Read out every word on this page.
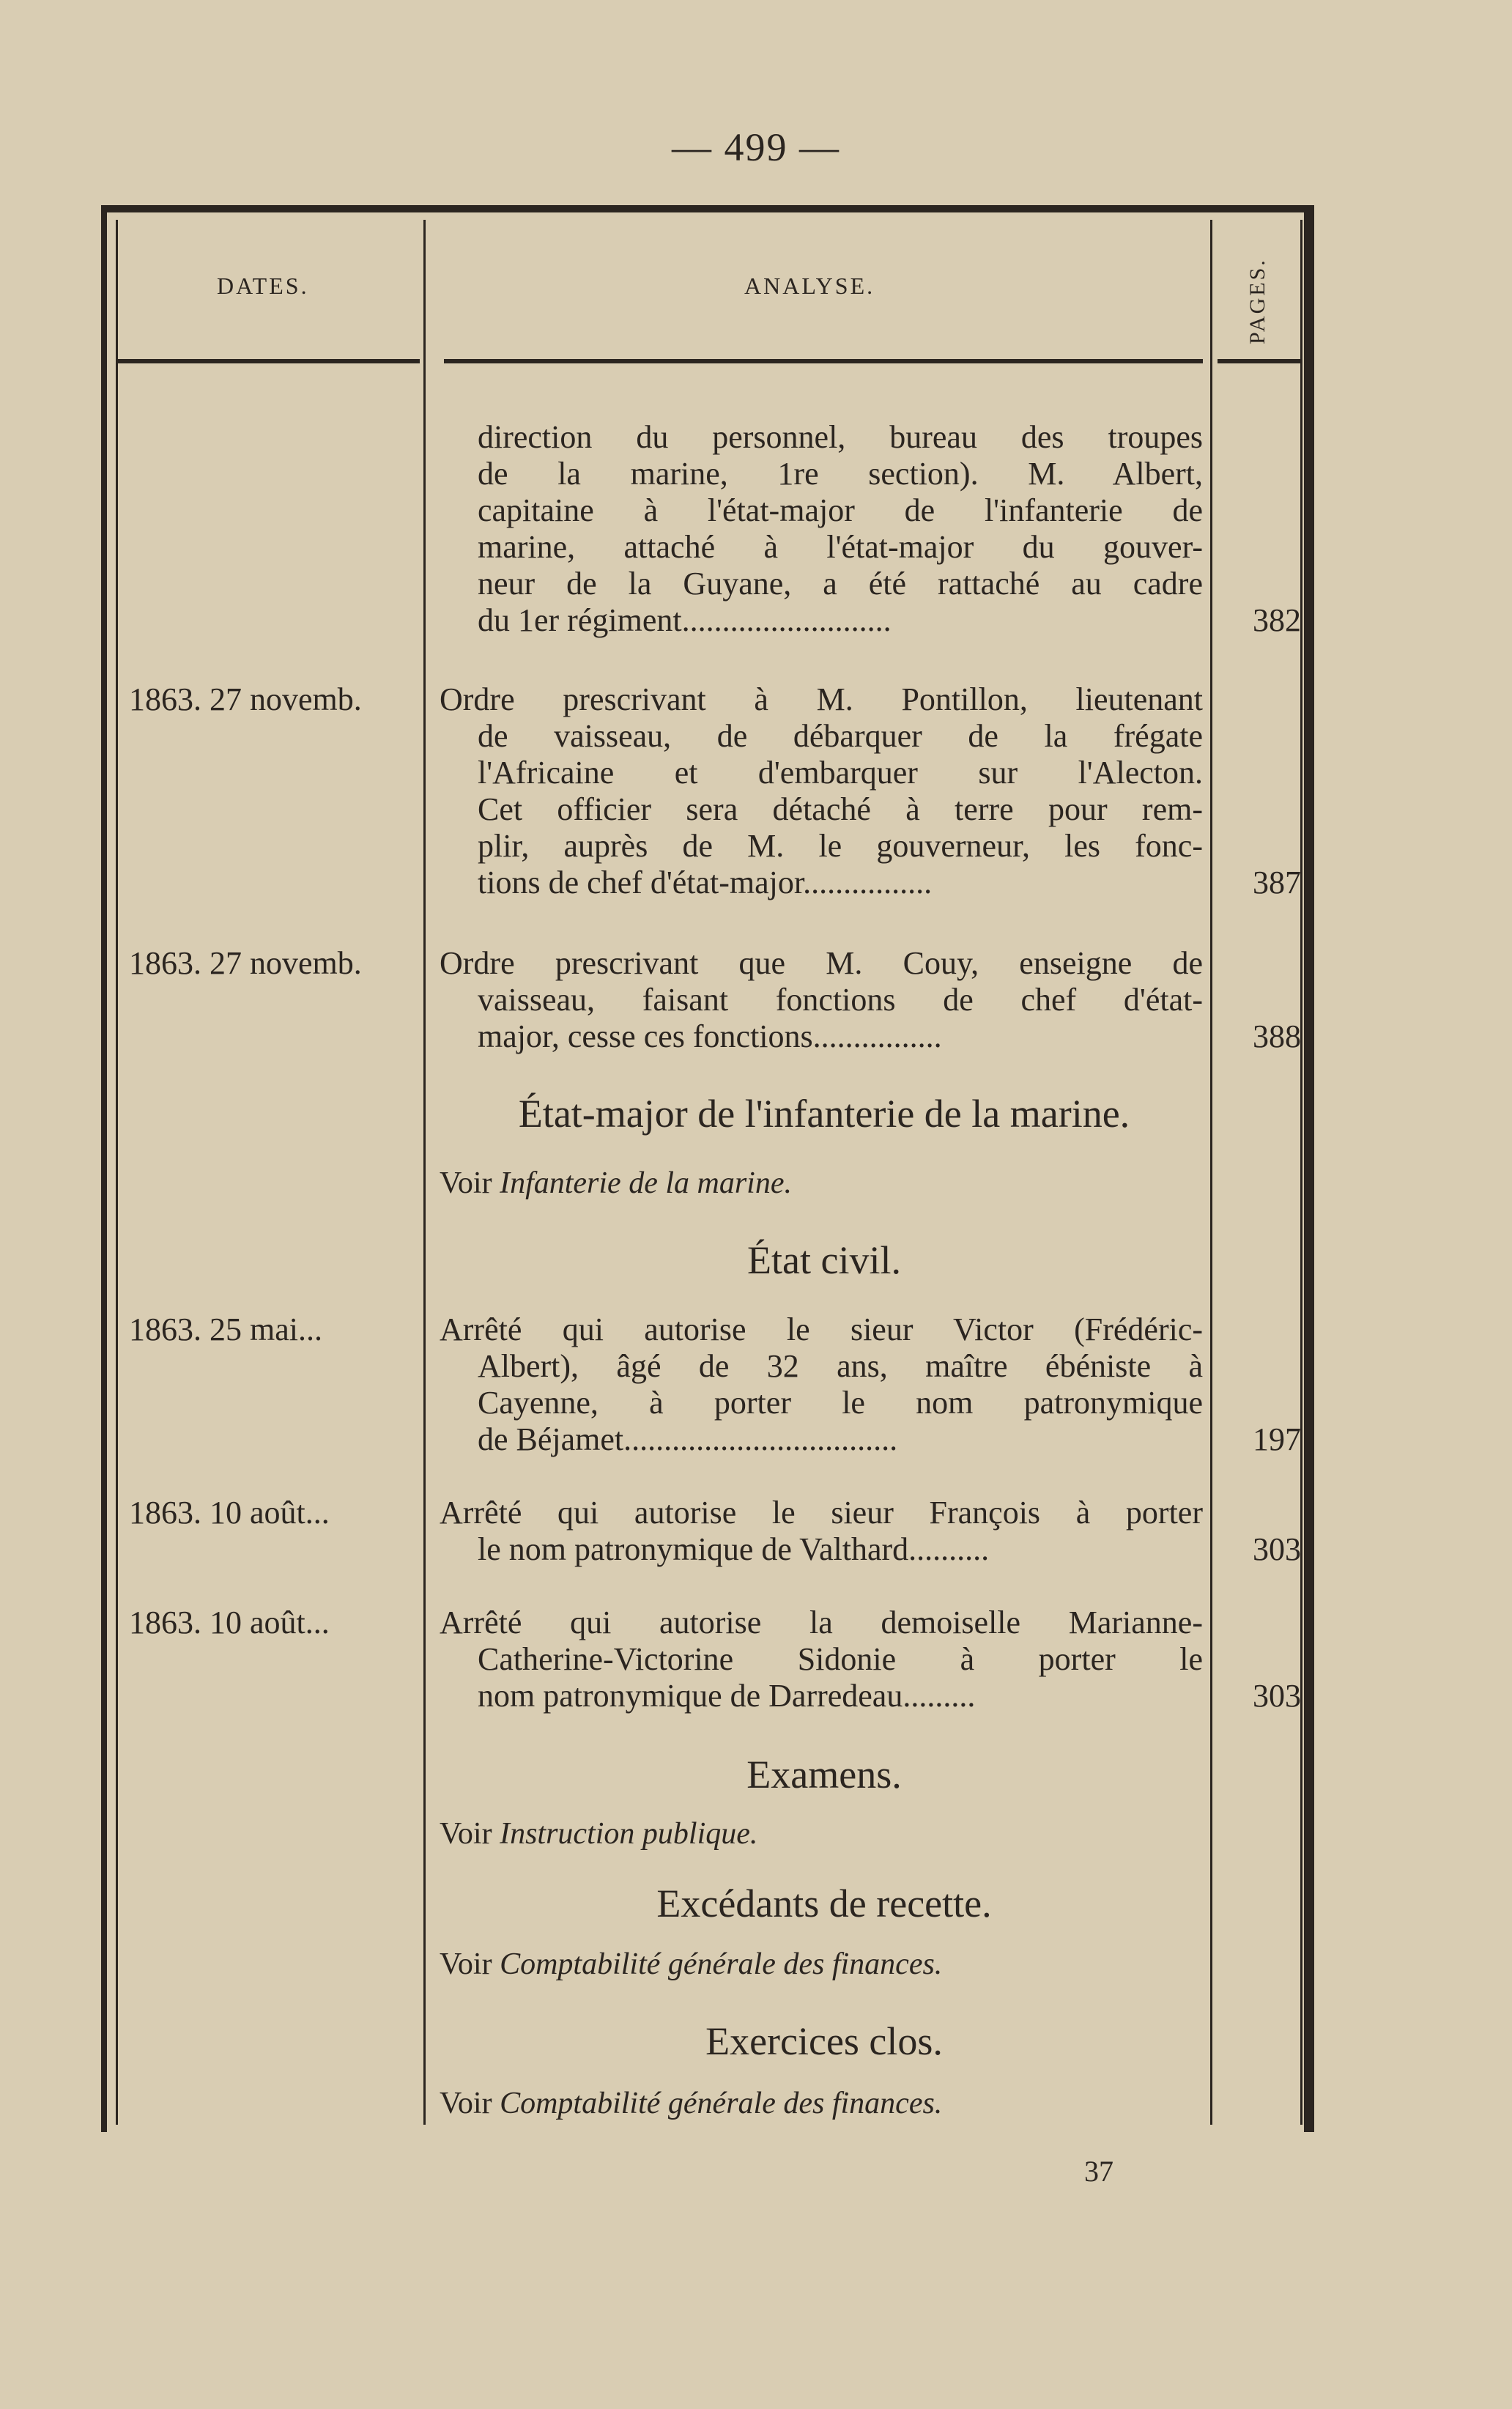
— 499 —
DATES.	ANALYSE.	PAGES.
direction du personnel, bureau des troupes
de la marine, 1re section). M. Albert,
capitaine à l'état-major de l'infanterie de
marine, attaché à l'état-major du gouver-
neur de la Guyane, a été rattaché au cadre
du 1er régiment..........................	382
1863. 27 novemb. Ordre prescrivant à M. Pontillon, lieutenant
de vaisseau, de débarquer de la frégate
l'Africaine et d'embarquer sur l'Alecton.
Cet officier sera détaché à terre pour rem-
plir, auprès de M. le gouverneur, les fonc-
tions de chef d'état-major................	387
1863. 27 novemb. Ordre prescrivant que M. Couy, enseigne de
vaisseau, faisant fonctions de chef d'état-
major, cesse ces fonctions................	388
État-major de l'infanterie de la marine.
Voir Infanterie de la marine.
État civil.
1863. 25 mai...	Arrêté qui autorise le sieur Victor (Frédéric-
Albert), âgé de 32 ans, maître ébéniste à
Cayenne, à porter le nom patronymique
de Béjamet..................................	197
1863. 10 août...	Arrêté qui autorise le sieur François à porter
le nom patronymique de Valthard..........	303
1863. 10 août...	Arrêté qui autorise la demoiselle Marianne-
Catherine-Victorine Sidonie à porter le
nom patronymique de Darredeau.........	303
Examens.
Voir Instruction publique.
Excédants de recette.
Voir Comptabilité générale des finances.
Exercices clos.
Voir Comptabilité générale des finances.
37
